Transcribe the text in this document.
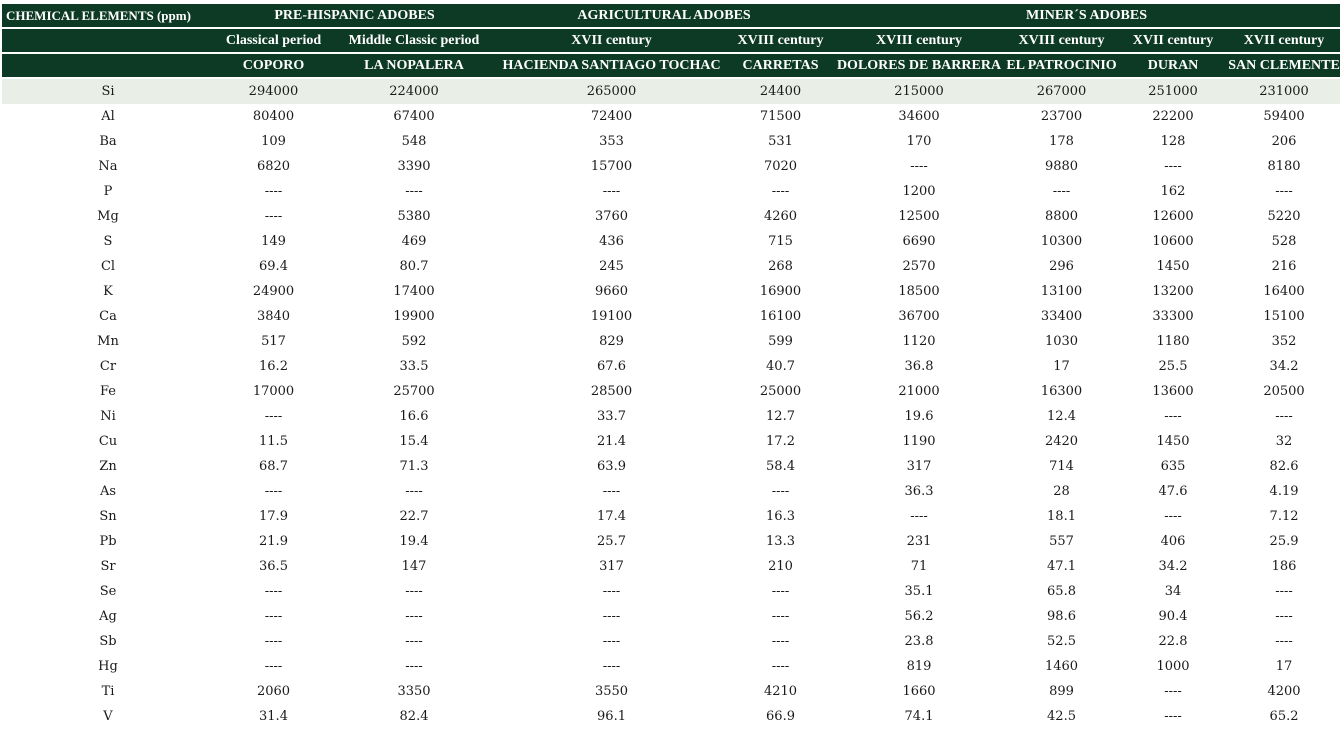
CHEMICAL ELEMENTS (ppm)	PRE-HISPANIC ADOBES		AGRICULTURAL ADOBES		MINER´S ADOBES			
	Classical period	Middle Classic period	XVII century	XVIII century	XVIII century	XVIII century	XVII century	XVII century
	COPORO	LA NOPALERA	HACIENDA SANTIAGO TOCHAC	CARRETAS	DOLORES DE BARRERA	EL PATROCINIO	DURAN	SAN CLEMENTE
Si	294000	224000	265000	24400	215000	267000	251000	231000
Al	80400	67400	72400	71500	34600	23700	22200	59400
Ba	109	548	353	531	170	178	128	206
Na	6820	3390	15700	7020	----	9880	----	8180
P	----	----	----	----	1200	----	162	----
Mg	----	5380	3760	4260	12500	8800	12600	5220
S	149	469	436	715	6690	10300	10600	528
Cl	69.4	80.7	245	268	2570	296	1450	216
K	24900	17400	9660	16900	18500	13100	13200	16400
Ca	3840	19900	19100	16100	36700	33400	33300	15100
Mn	517	592	829	599	1120	1030	1180	352
Cr	16.2	33.5	67.6	40.7	36.8	17	25.5	34.2
Fe	17000	25700	28500	25000	21000	16300	13600	20500
Ni	----	16.6	33.7	12.7	19.6	12.4	----	----
Cu	11.5	15.4	21.4	17.2	1190	2420	1450	32
Zn	68.7	71.3	63.9	58.4	317	714	635	82.6
As	----	----	----	----	36.3	28	47.6	4.19
Sn	17.9	22.7	17.4	16.3	----	18.1	----	7.12
Pb	21.9	19.4	25.7	13.3	231	557	406	25.9
Sr	36.5	147	317	210	71	47.1	34.2	186
Se	----	----	----	----	35.1	65.8	34	----
Ag	----	----	----	----	56.2	98.6	90.4	----
Sb	----	----	----	----	23.8	52.5	22.8	----
Hg	----	----	----	----	819	1460	1000	17
Ti	2060	3350	3550	4210	1660	899	----	4200
V	31.4	82.4	96.1	66.9	74.1	42.5	----	65.2
